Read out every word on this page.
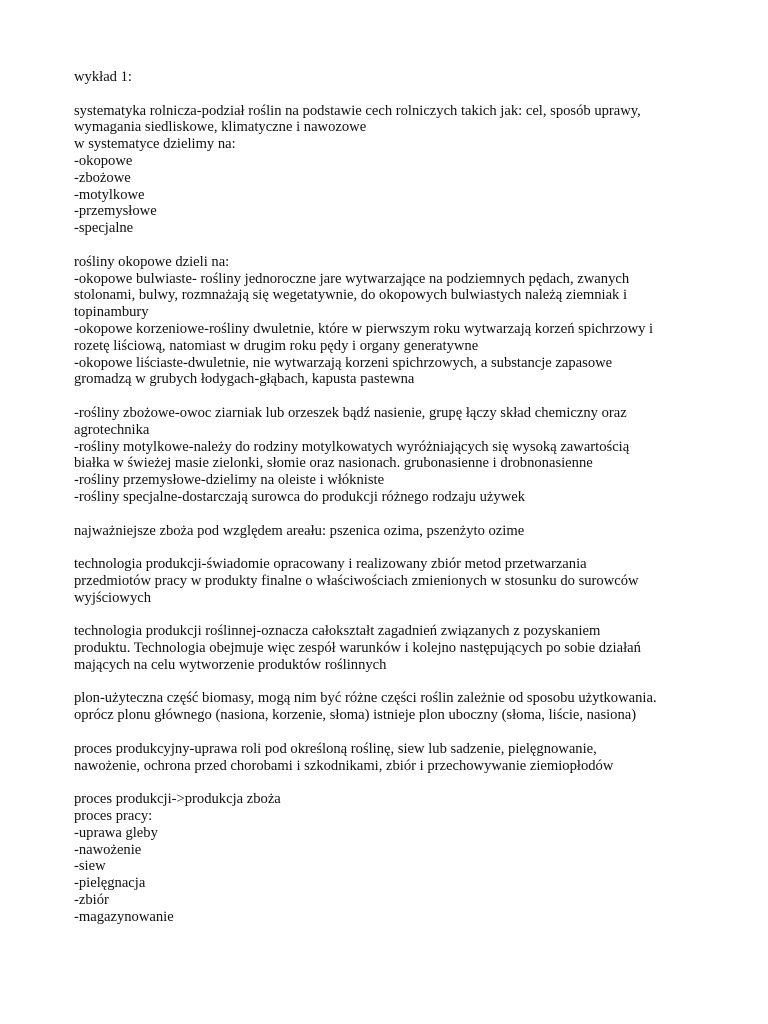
wykład 1:
systematyka rolnicza-podział roślin na podstawie cech rolniczych takich jak: cel, sposób uprawy,
wymagania siedliskowe, klimatyczne i nawozowe
w systematyce dzielimy na:
-okopowe
-zbożowe
-motylkowe
-przemysłowe
-specjalne
rośliny okopowe dzieli na:
-okopowe bulwiaste- rośliny jednoroczne jare wytwarzające na podziemnych pędach, zwanych
stolonami, bulwy, rozmnażają się wegetatywnie, do okopowych bulwiastych należą ziemniak i
topinambury
-okopowe korzeniowe-rośliny dwuletnie, które w pierwszym roku wytwarzają korzeń spichrzowy i
rozetę liściową, natomiast w drugim roku pędy i organy generatywne
-okopowe liściaste-dwuletnie, nie wytwarzają korzeni spichrzowych, a substancje zapasowe
gromadzą w grubych łodygach-głąbach, kapusta pastewna
-rośliny zbożowe-owoc ziarniak lub orzeszek bądź nasienie, grupę łączy skład chemiczny oraz
agrotechnika
-rośliny motylkowe-należy do rodziny motylkowatych wyróżniających się wysoką zawartością
białka w świeżej masie zielonki, słomie oraz nasionach. grubonasienne i drobnonasienne
-rośliny przemysłowe-dzielimy na oleiste i włókniste
-rośliny specjalne-dostarczają surowca do produkcji różnego rodzaju używek
najważniejsze zboża pod względem areału: pszenica ozima, pszenżyto ozime
technologia produkcji-świadomie opracowany i realizowany zbiór metod przetwarzania
przedmiotów pracy w produkty finalne o właściwościach zmienionych w stosunku do surowców
wyjściowych
technologia produkcji roślinnej-oznacza całokształt zagadnień związanych z pozyskaniem
produktu. Technologia obejmuje więc zespół warunków i kolejno następujących po sobie działań
mających na celu wytworzenie produktów roślinnych
plon-użyteczna część biomasy, mogą nim być różne części roślin zależnie od sposobu użytkowania.
oprócz plonu głównego (nasiona, korzenie, słoma) istnieje plon uboczny (słoma, liście, nasiona)
proces produkcyjny-uprawa roli pod określoną roślinę, siew lub sadzenie, pielęgnowanie,
nawożenie, ochrona przed chorobami i szkodnikami, zbiór i przechowywanie ziemiopłodów
proces produkcji->produkcja zboża
proces pracy:
-uprawa gleby
-nawożenie
-siew
-pielęgnacja
-zbiór
-magazynowanie
